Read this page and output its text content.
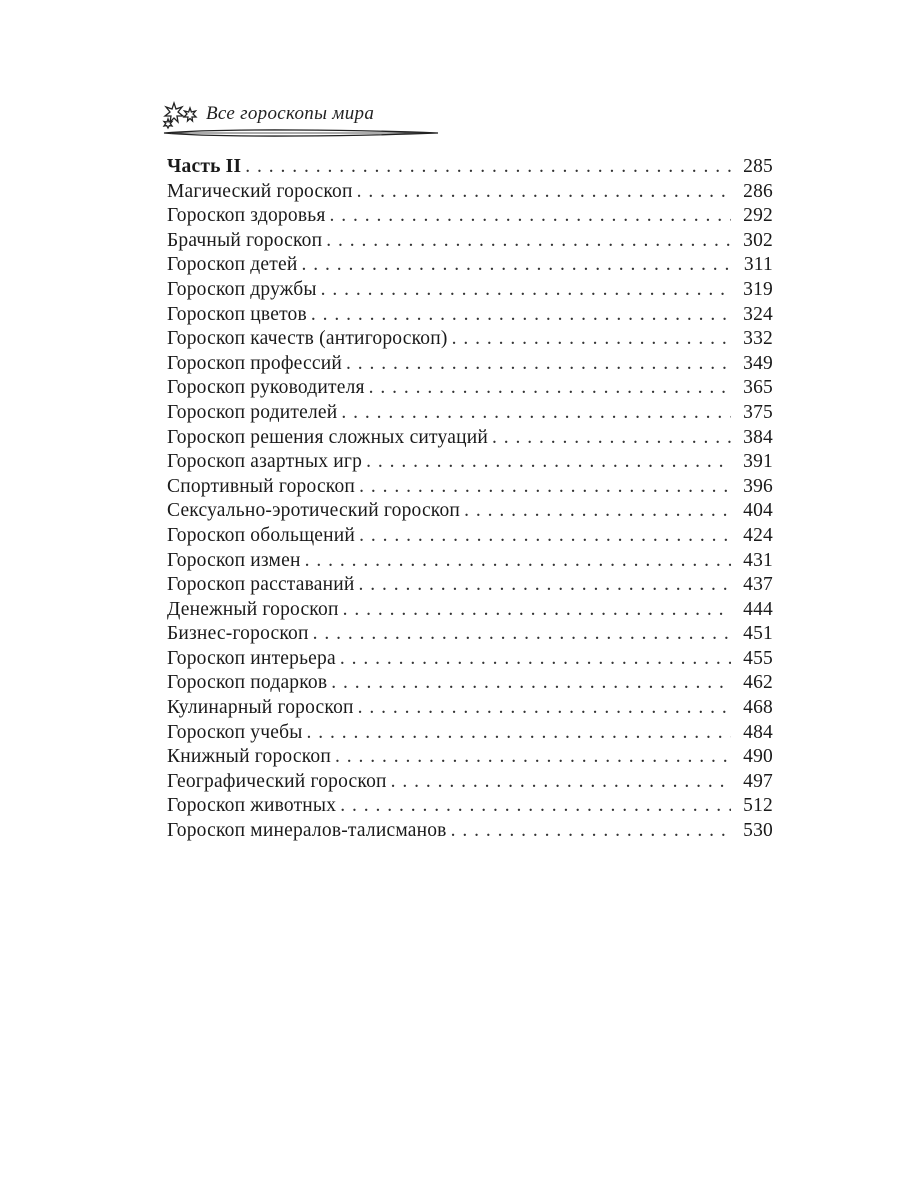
Все гороскопы мира
Часть II . . .	285
Магический гороскоп . . .	286
Гороскоп здоровья . . .	292
Брачный гороскоп . . .	302
Гороскоп детей . . .	311
Гороскоп дружбы . . .	319
Гороскоп цветов . . .	324
Гороскоп качеств (антигороскоп) . . .	332
Гороскоп профессий . . .	349
Гороскоп руководителя . . .	365
Гороскоп родителей . . .	375
Гороскоп решения сложных ситуаций . . .	384
Гороскоп азартных игр . . .	391
Спортивный гороскоп . . .	396
Сексуально-эротический гороскоп . . .	404
Гороскоп обольщений . . .	424
Гороскоп измен . . .	431
Гороскоп расставаний . . .	437
Денежный гороскоп . . .	444
Бизнес-гороскоп . . .	451
Гороскоп интерьера . . .	455
Гороскоп подарков . . .	462
Кулинарный гороскоп . . .	468
Гороскоп учебы . . .	484
Книжный гороскоп . . .	490
Географический гороскоп . . .	497
Гороскоп животных . . .	512
Гороскоп минералов-талисманов . . .	530
